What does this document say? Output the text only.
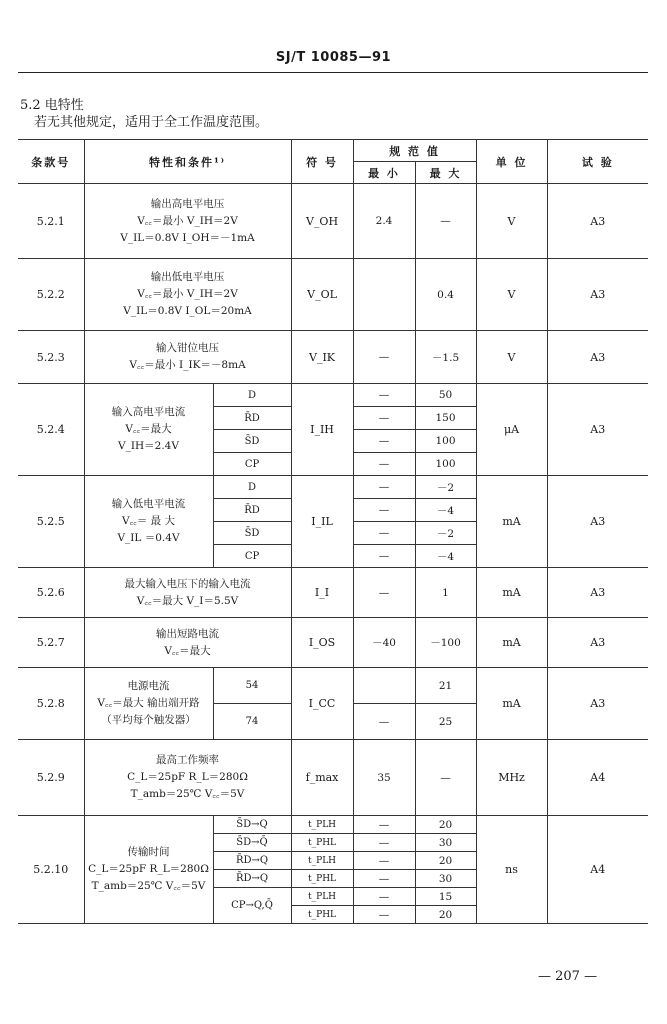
SJ/T 10085—91
5.2 电特性
若无其他规定，适用于全工作温度范围。
条款号	特性和条件¹⁾		符 号	规 范 值		单 位	试 验
				最 小	最 大		
5.2.1	输出高电平电压
V꜀꜀＝最小 V_IH＝2V
V_IL＝0.8V I_OH＝－1mA		V_OH	2.4	—	V	A3
5.2.2	输出低电平电压
V꜀꜀＝最小 V_IH＝2V
V_IL＝0.8V I_OL＝20mA		V_OL		0.4	V	A3
5.2.3	输入钳位电压
V꜀꜀＝最小 I_IK＝－8mA		V_IK	—	－1.5	V	A3
5.2.4	输入高电平电流
V꜀꜀＝最大
V_IH＝2.4V	D	I_IH	—	50	μA	A3
		R̄D		—	150		
		S̄D		—	100		
		CP		—	100		
5.2.5	输入低电平电流
V꜀꜀＝ 最 大
V_IL ＝0.4V	D	I_IL	—	－2	mA	A3
		R̄D		—	－4		
		S̄D		—	－2		
		CP		—	－4		
5.2.6	最大输入电压下的输入电流
V꜀꜀＝最大 V_I＝5.5V		I_I	—	1	mA	A3
5.2.7	输出短路电流
V꜀꜀＝最大		I_OS	－40	－100	mA	A3
5.2.8	电源电流
V꜀꜀＝最大 输出端开路
（平均每个触发器）	54	I_CC		21	mA	A3
		74		—	25		
5.2.9	最高工作频率
C_L＝25pF R_L＝280Ω
T_amb＝25℃ V꜀꜀＝5V		f_max	35	—	MHz	A4
5.2.10	传输时间
C_L＝25pF R_L＝280Ω
T_amb＝25℃ V꜀꜀＝5V	S̄D→Q	t_PLH	—	20	ns	A4
		S̄D→Q̄	t_PHL	—	30		
		R̄D→Q	t_PLH	—	20		
		R̄D→Q	t_PHL	—	30		
		CP→Q,Q̄	t_PLH	—	15		
			t_PHL	—	20		
— 207 —
